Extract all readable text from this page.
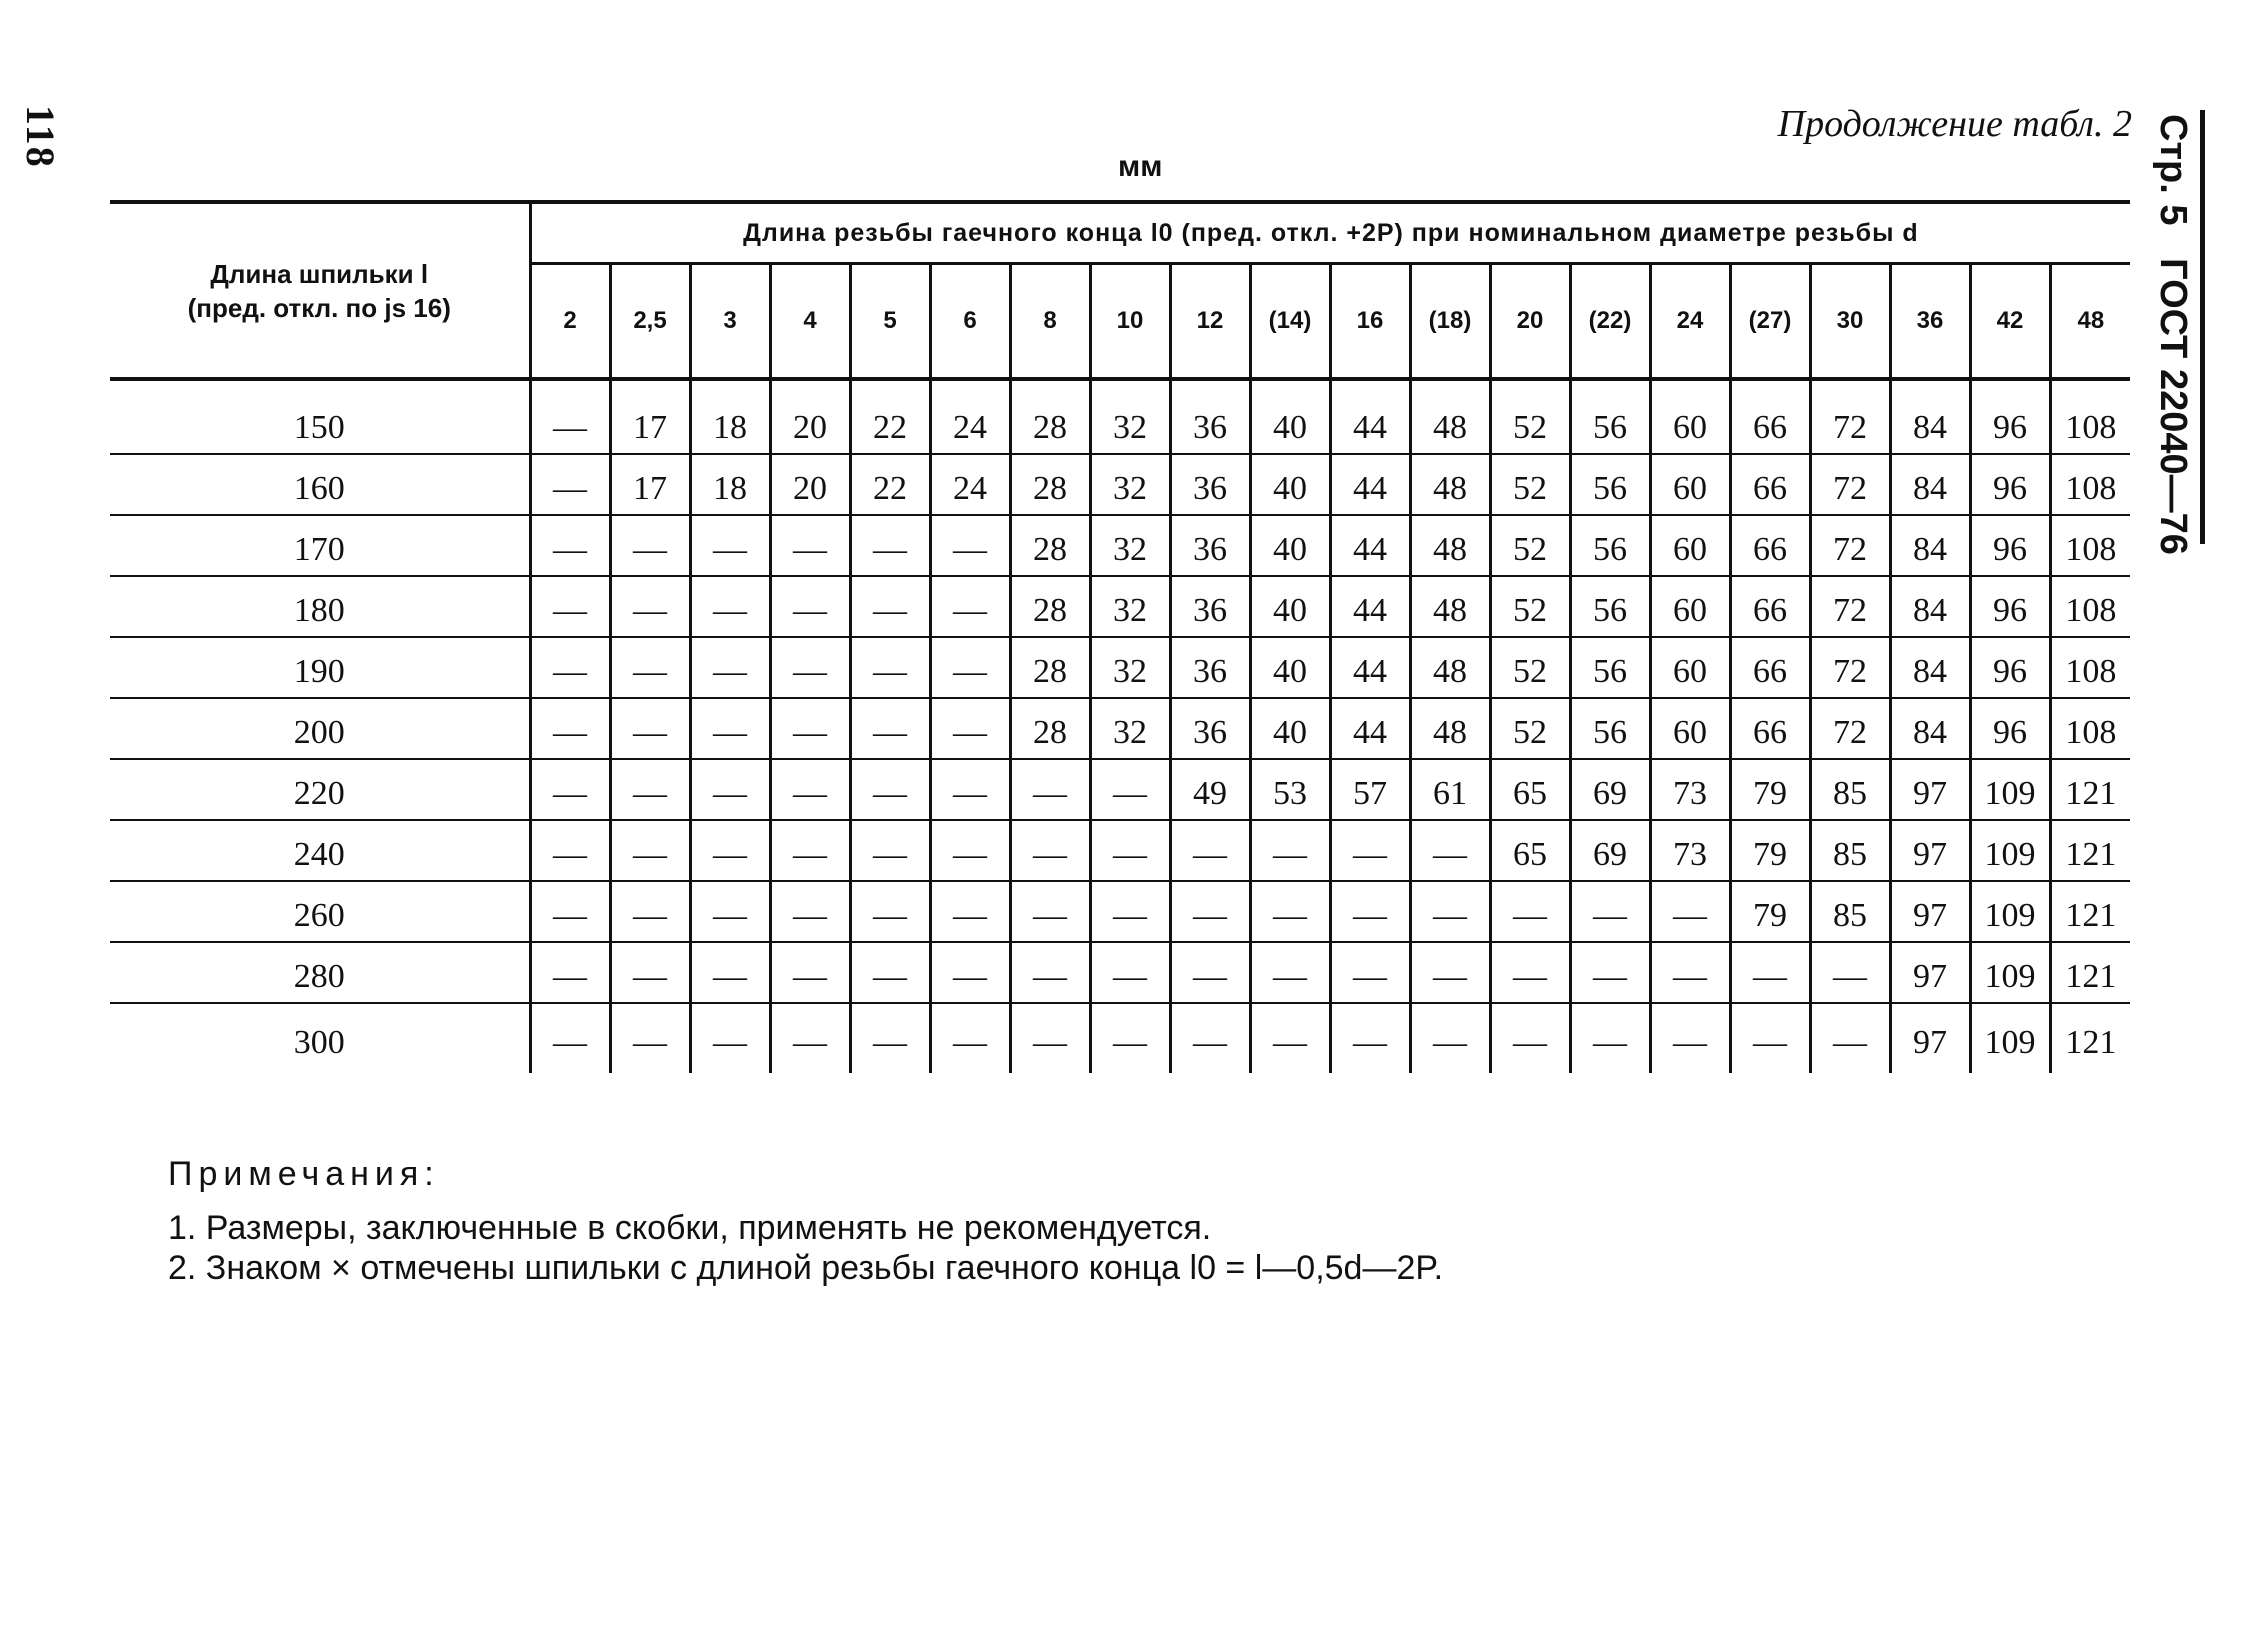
118	Стр. 5 ГОСТ 22040—76
Продолжение табл. 2
мм
Длина шпильки l
(пред. откл. по js 16)	Длина резьбы гаечного конца l0 (пред. откл. +2P) при номинальном диаметре резьбы d																			
	2	2,5	3	4	5	6	8	10	12	(14)	16	(18)	20	(22)	24	(27)	30	36	42	48

150	—	17	18	20	22	24	28	32	36	40	44	48	52	56	60	66	72	84	96	108
160	—	17	18	20	22	24	28	32	36	40	44	48	52	56	60	66	72	84	96	108
170	—	—	—	—	—	—	28	32	36	40	44	48	52	56	60	66	72	84	96	108
180	—	—	—	—	—	—	28	32	36	40	44	48	52	56	60	66	72	84	96	108
190	—	—	—	—	—	—	28	32	36	40	44	48	52	56	60	66	72	84	96	108
200	—	—	—	—	—	—	28	32	36	40	44	48	52	56	60	66	72	84	96	108
220	—	—	—	—	—	—	—	—	49	53	57	61	65	69	73	79	85	97	109	121
240	—	—	—	—	—	—	—	—	—	—	—	—	65	69	73	79	85	97	109	121
260	—	—	—	—	—	—	—	—	—	—	—	—	—	—	—	79	85	97	109	121
280	—	—	—	—	—	—	—	—	—	—	—	—	—	—	—	—	—	97	109	121
300	—	—	—	—	—	—	—	—	—	—	—	—	—	—	—	—	—	97	109	121
Примечания:
1. Размеры, заключенные в скобки, применять не рекомендуется.
2. Знаком × отмечены шпильки с длиной резьбы гаечного конца l0 = l—0,5d—2P.
